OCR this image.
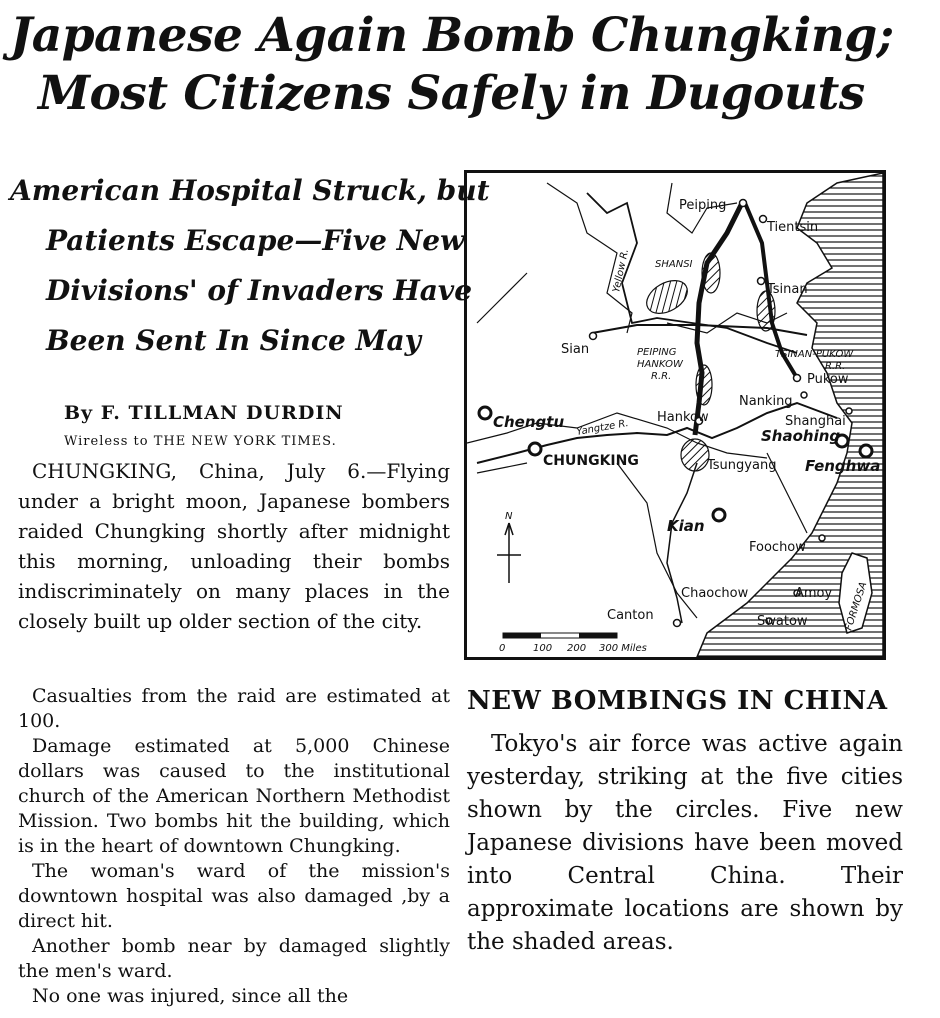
Japanese Again Bomb Chungking;
Most Citizens Safely in Dugouts
American Hospital Struck, but
Patients Escape—Five New
Divisions' of Invaders Have
Been Sent In Since May
By F. TILLMAN DURDIN
Wireless to THE NEW YORK TIMES.
CHUNGKING, China, July 6.—Flying under a bright moon, Japanese bombers raided Chungking shortly after midnight this morning, unloading their bombs indiscriminately on many places in the closely built up older section of the city.

Casualties from the raid are estimated at 100.

Damage estimated at 5,000 Chinese dollars was caused to the institutional church of the American Northern Methodist Mission. Two bombs hit the building, which is in the heart of downtown Chungking.

The woman's ward of the mission's downtown hospital was also damaged ,by a direct hit.

Another bomb near by damaged slightly the men's ward.

No one was injured, since all the

N
0	100 200 300 Miles
Peiping
Tientsin
Yellow R. SHANSI
Tsinan
Sian	PEIPING
HANKOW
R.R.
TSINAN-PUKOW
R.R.
Pukow
Nanking
Shanghai
Chengtu	Hankow
Yangtze R.	Shaohing
CHUNGKING	Tsungyang Fenghwa
Kian
Foochow
Chaochow	Amoy FORMOSA
Canton	Swatow
NEW BOMBINGS IN CHINA
Tokyo's air force was active again yesterday, striking at the five cities shown by the circles. Five new Japanese divisions have been moved into Central China. Their approximate locations are shown by the shaded areas.
